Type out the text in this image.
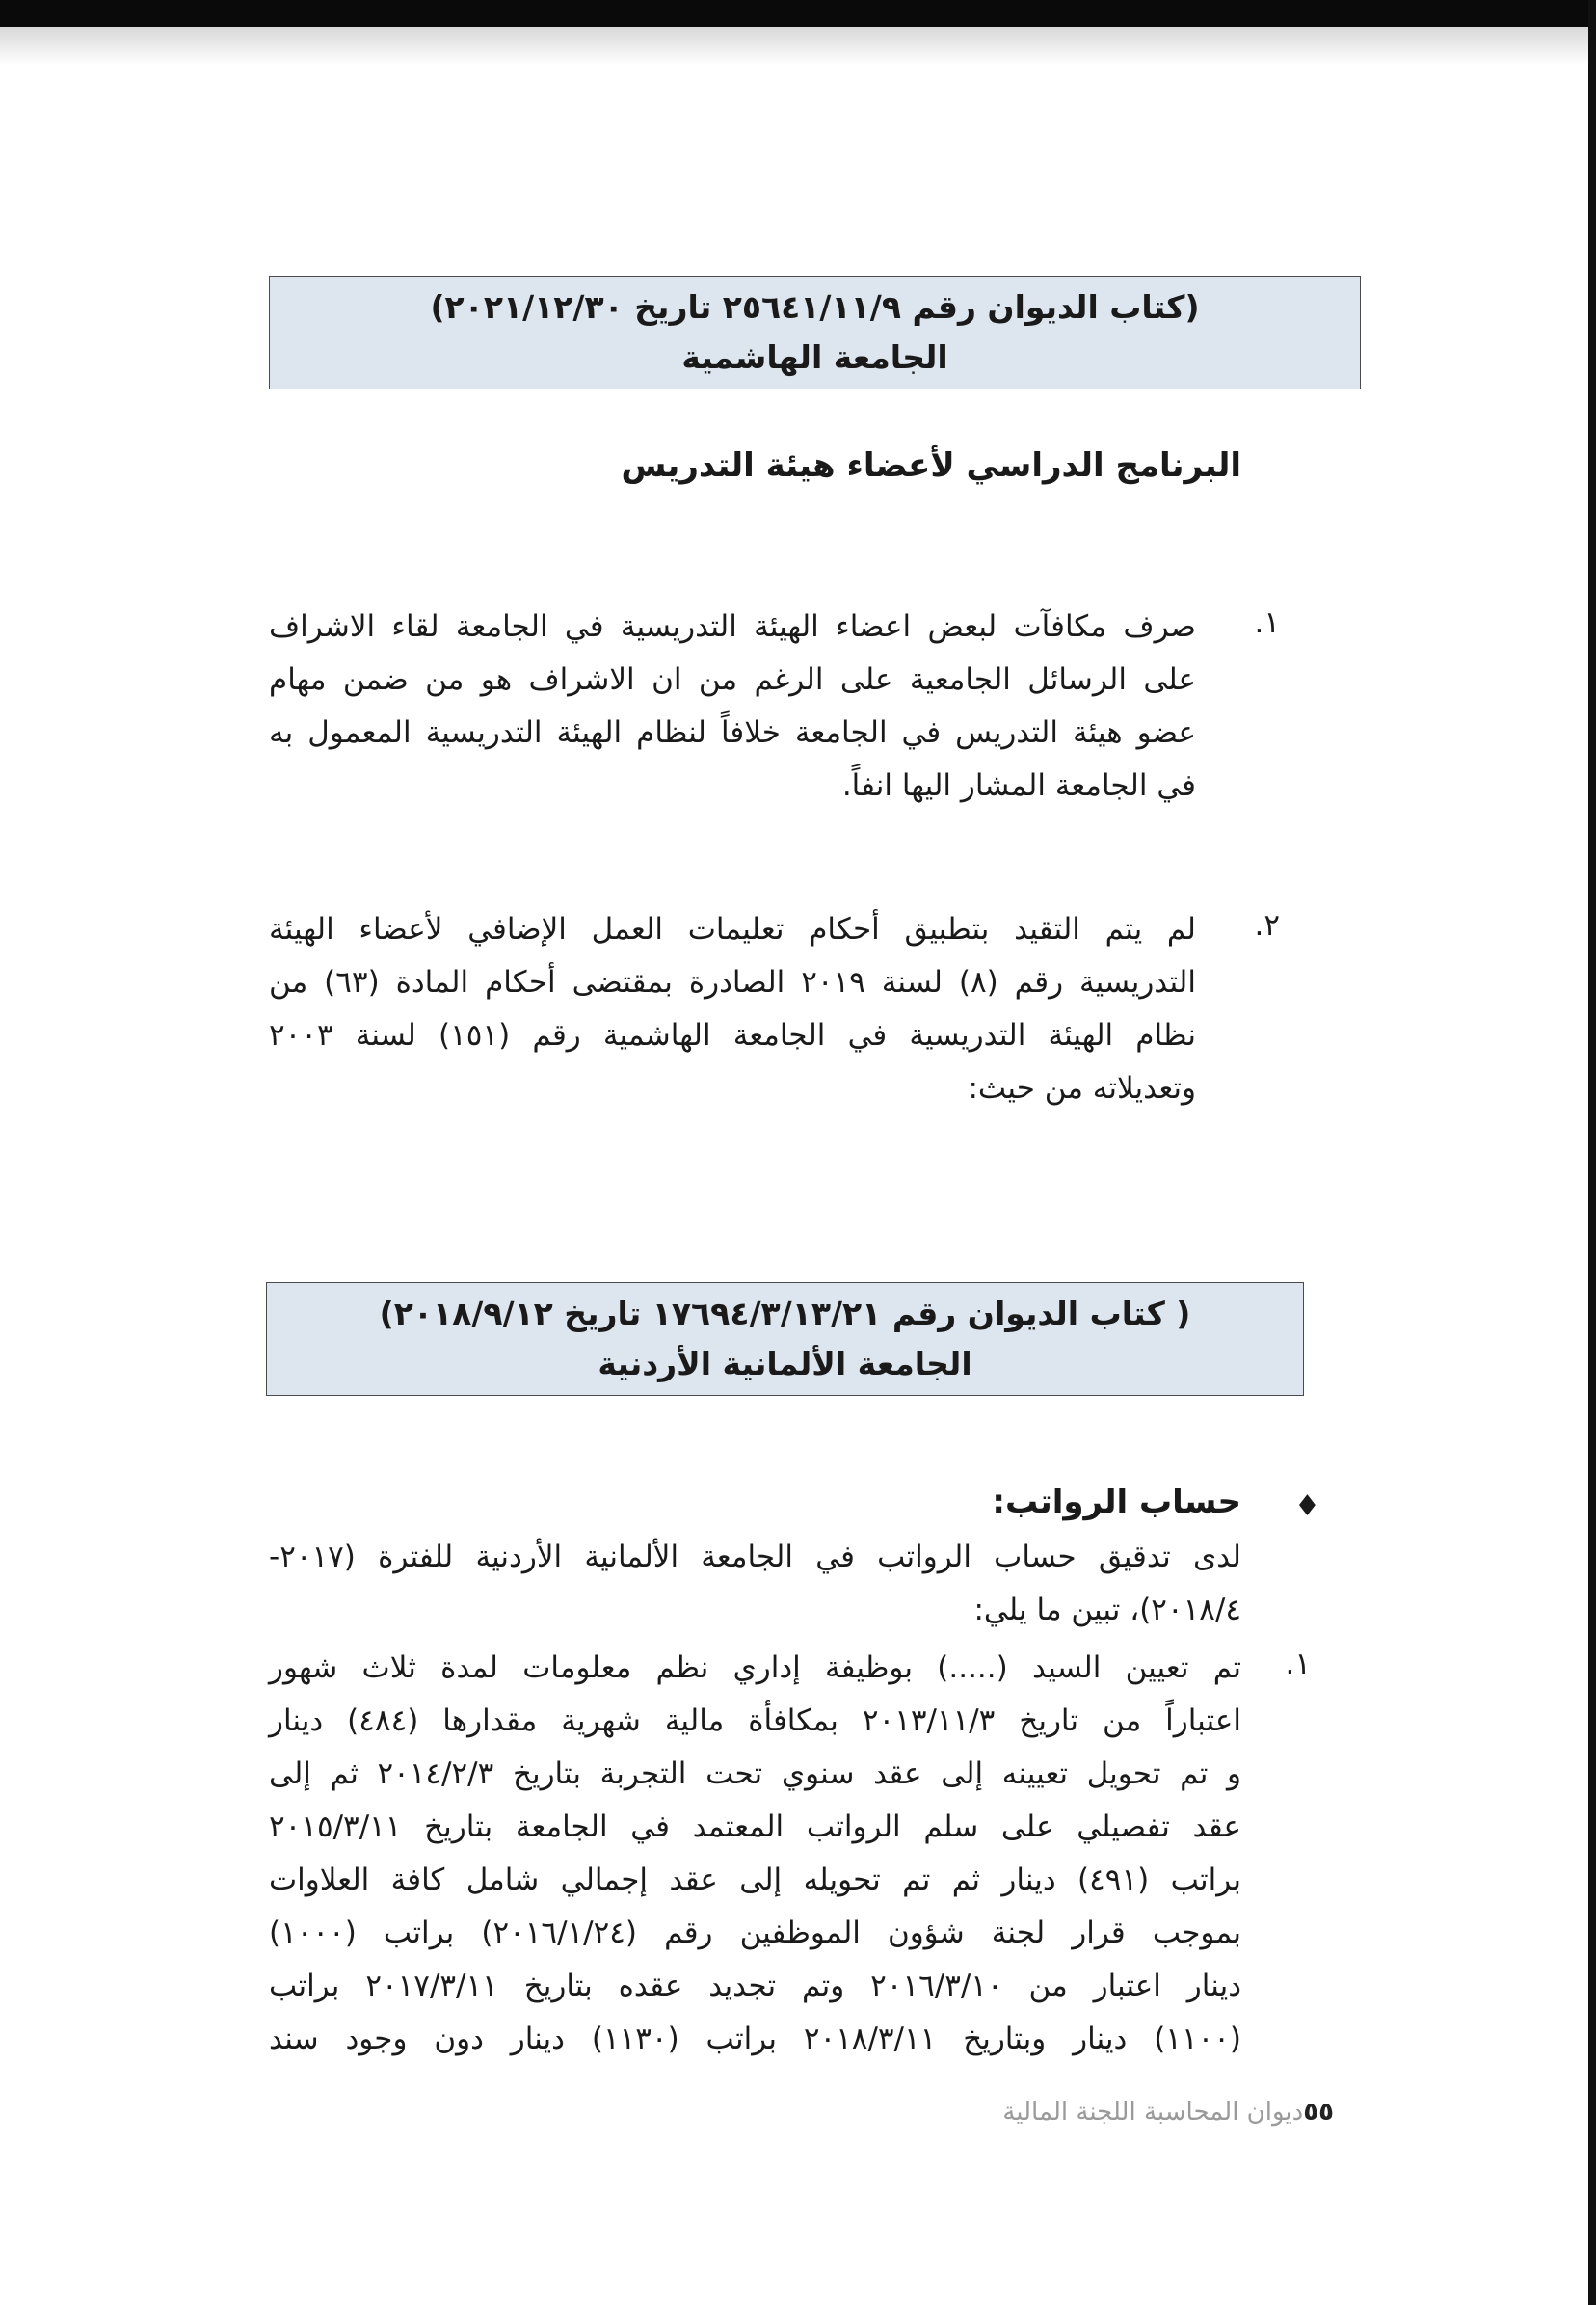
(كتاب الديوان رقم ٢٥٦٤١/١١/٩ تاريخ ٢٠٢١/١٢/٣٠)
الجامعة الهاشمية
البرنامج الدراسي لأعضاء هيئة التدريس
١.
صرف مكافآت لبعض اعضاء الهيئة التدريسية في الجامعة لقاء الاشراف
على الرسائل الجامعية على الرغم من ان الاشراف هو من ضمن مهام
عضو هيئة التدريس في الجامعة خلافاً لنظام الهيئة التدريسية المعمول به
في الجامعة المشار اليها انفاً.
٢.
لم يتم التقيد بتطبيق أحكام تعليمات العمل الإضافي لأعضاء الهيئة
التدريسية رقم (٨) لسنة ٢٠١٩ الصادرة بمقتضى أحكام المادة (٦٣) من
نظام الهيئة التدريسية في الجامعة الهاشمية رقم (١٥١) لسنة ٢٠٠٣
وتعديلاته من حيث:
( كتاب الديوان رقم ١٧٦٩٤/٣/١٣/٢١ تاريخ ٢٠١٨/٩/١٢)
الجامعة الألمانية الأردنية
♦
حساب الرواتب:
لدى تدقيق حساب الرواتب في الجامعة الألمانية الأردنية للفترة (٢٠١٧-
٢٠١٨/٤)، تبين ما يلي:
١.
تم تعيين السيد (.....) بوظيفة إداري نظم معلومات لمدة ثلاث شهور
اعتباراً من تاريخ ٢٠١٣/١١/٣ بمكافأة مالية شهرية مقدارها (٤٨٤) دينار
و تم تحويل تعيينه إلى عقد سنوي تحت التجربة بتاريخ ٢٠١٤/٢/٣ ثم إلى
عقد تفصيلي على سلم الرواتب المعتمد في الجامعة بتاريخ ٢٠١٥/٣/١١
براتب (٤٩١) دينار ثم تم تحويله إلى عقد إجمالي شامل كافة العلاوات
بموجب قرار لجنة شؤون الموظفين رقم (٢٠١٦/١/٢٤) براتب (١٠٠٠)
دينار اعتبار من ٢٠١٦/٣/١٠ وتم تجديد عقده بتاريخ ٢٠١٧/٣/١١ براتب
(١١٠٠) دينار وبتاريخ ٢٠١٨/٣/١١ براتب (١١٣٠) دينار دون وجود سند
٥٥ديوان المحاسبة اللجنة المالية
